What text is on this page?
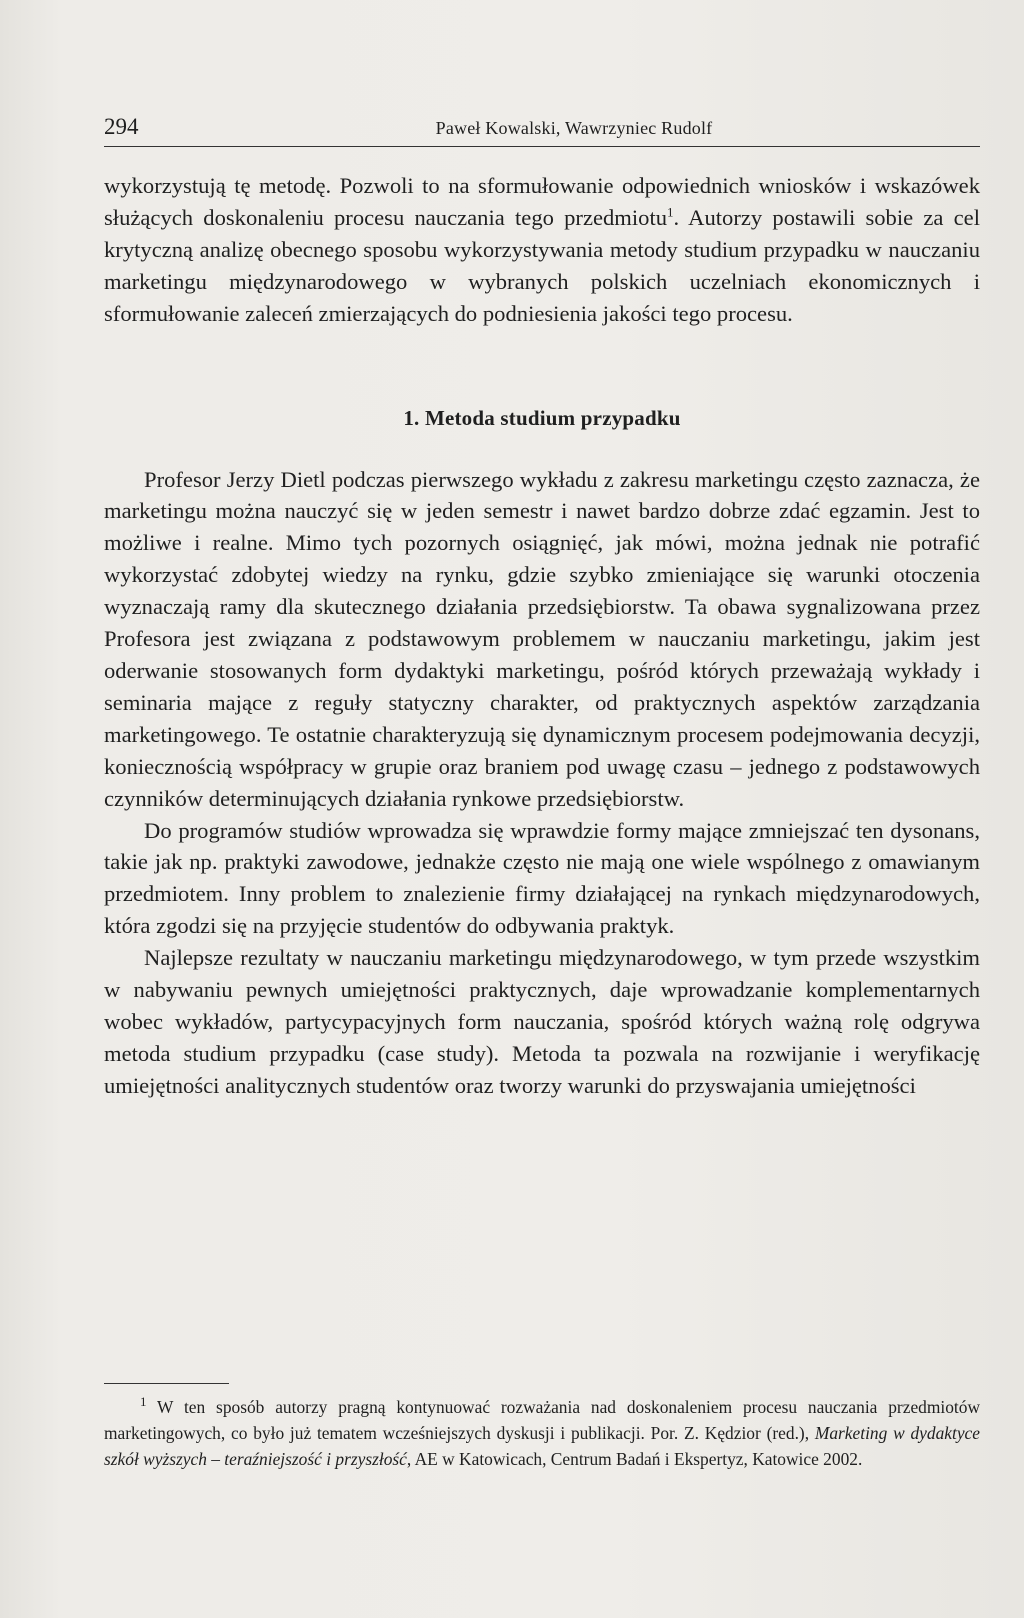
294	Paweł Kowalski, Wawrzyniec Rudolf

wykorzystują tę metodę. Pozwoli to na sformułowanie odpowiednich wniosków i wskazówek służących doskonaleniu procesu nauczania tego przedmiotu$^1$. Autorzy postawili sobie za cel krytyczną analizę obecnego sposobu wykorzystywania metody studium przypadku w nauczaniu marketingu międzynarodowego w wybranych polskich uczelniach ekonomicznych i sformułowanie zaleceń zmierzających do podniesienia jakości tego procesu.

1. Metoda studium przypadku

Profesor Jerzy Dietl podczas pierwszego wykładu z zakresu marketingu często zaznacza, że marketingu można nauczyć się w jeden semestr i nawet bardzo dobrze zdać egzamin. Jest to możliwe i realne. Mimo tych pozornych osiągnięć, jak mówi, można jednak nie potrafić wykorzystać zdobytej wiedzy na rynku, gdzie szybko zmieniające się warunki otoczenia wyznaczają ramy dla skutecznego działania przedsiębiorstw. Ta obawa sygnalizowana przez Profesora jest związana z podstawowym problemem w nauczaniu marketingu, jakim jest oderwanie stosowanych form dydaktyki marketingu, pośród których przeważają wykłady i seminaria mające z reguły statyczny charakter, od praktycznych aspektów zarządzania marketingowego. Te ostatnie charakteryzują się dynamicznym procesem podejmowania decyzji, koniecznością współpracy w grupie oraz braniem pod uwagę czasu – jednego z podstawowych czynników determinujących działania rynkowe przedsiębiorstw.

Do programów studiów wprowadza się wprawdzie formy mające zmniejszać ten dysonans, takie jak np. praktyki zawodowe, jednakże często nie mają one wiele wspólnego z omawianym przedmiotem. Inny problem to znalezienie firmy działającej na rynkach międzynarodowych, która zgodzi się na przyjęcie studentów do odbywania praktyk.

Najlepsze rezultaty w nauczaniu marketingu międzynarodowego, w tym przede wszystkim w nabywaniu pewnych umiejętności praktycznych, daje wprowadzanie komplementarnych wobec wykładów, partycypacyjnych form nauczania, spośród których ważną rolę odgrywa metoda studium przypadku (case study). Metoda ta pozwala na rozwijanie i weryfikację umiejętności analitycznych studentów oraz tworzy warunki do przyswajania umiejętności

$^1$ W ten sposób autorzy pragną kontynuować rozważania nad doskonaleniem procesu nauczania przedmiotów marketingowych, co było już tematem wcześniejszych dyskusji i publikacji. Por. Z. Kędzior (red.), Marketing w dydaktyce szkół wyższych – teraźniejszość i przyszłość, AE w Katowicach, Centrum Badań i Ekspertyz, Katowice 2002.
